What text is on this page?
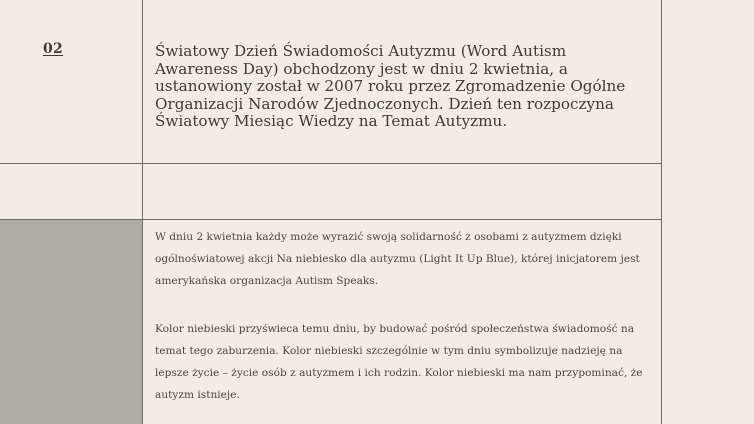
02	Światowy Dzień Świadomości Autyzmu (Word Autism Awareness Day) obchodzony jest w dniu 2 kwietnia, a ustanowiony został w 2007 roku przez Zgromadzenie Ogólne Organizacji Narodów Zjednoczonych. Dzień ten rozpoczyna Światowy Miesiąc Wiedzy na Temat Autyzmu.

W dniu 2 kwietnia każdy może wyrazić swoją solidarność z osobami z autyzmem dzięki ogólnoświatowej akcji Na niebiesko dla autyzmu (Light It Up Blue), której inicjatorem jest amerykańska organizacja Autism Speaks.

Kolor niebieski przyświeca temu dniu, by budować pośród społeczeństwa świadomość na temat tego zaburzenia. Kolor niebieski szczególnie w tym dniu symbolizuje nadzieję na lepsze życie – życie osób z autyzmem i ich rodzin. Kolor niebieski ma nam przypominać, że autyzm istnieje.
